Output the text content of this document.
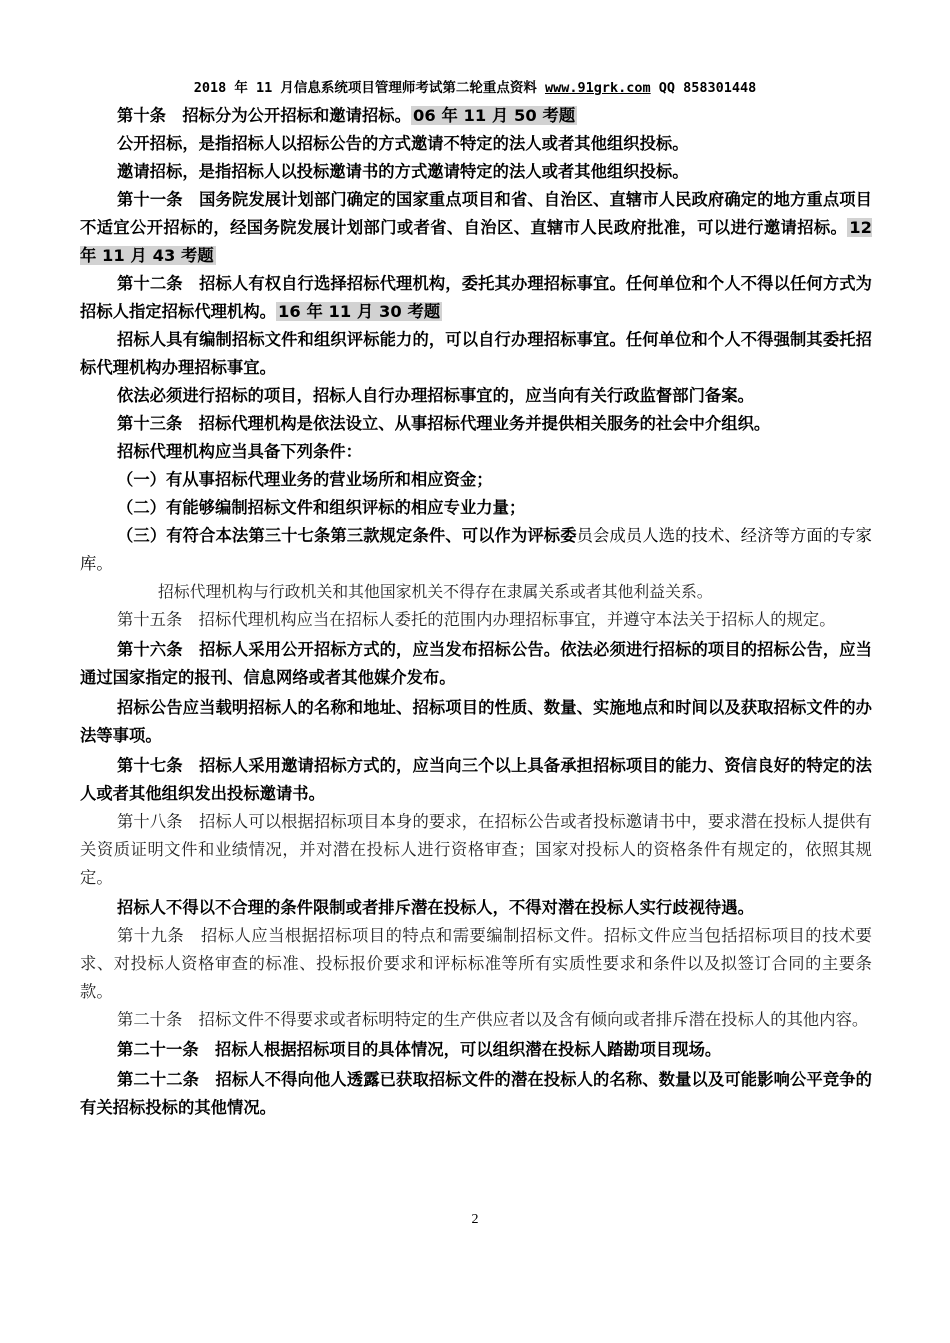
2018 年 11 月信息系统项目管理师考试第二轮重点资料 www.91grk.com QQ 858301448

第十条　招标分为公开招标和邀请招标。 06 年 11 月 50 考题

公开招标，是指招标人以招标公告的方式邀请不特定的法人或者其他组织投标。

邀请招标，是指招标人以投标邀请书的方式邀请特定的法人或者其他组织投标。

第十一条　国务院发展计划部门确定的国家重点项目和省、自治区、直辖市人民政府确定的地方重点项目不适宜公开招标的，经国务院发展计划部门或者省、自治区、直辖市人民政府批准，可以进行邀请招标。 12 年 11 月 43 考题

第十二条　招标人有权自行选择招标代理机构，委托其办理招标事宜。任何单位和个人不得以任何方式为招标人指定招标代理机构。 16 年 11 月 30 考题

招标人具有编制招标文件和组织评标能力的，可以自行办理招标事宜。任何单位和个人不得强制其委托招标代理机构办理招标事宜。

依法必须进行招标的项目，招标人自行办理招标事宜的，应当向有关行政监督部门备案。

第十三条　招标代理机构是依法设立、从事招标代理业务并提供相关服务的社会中介组织。

招标代理机构应当具备下列条件：

（一）有从事招标代理业务的营业场所和相应资金；

（二）有能够编制招标文件和组织评标的相应专业力量；

（三）有符合本法第三十七条第三款规定条件、可以作为评标委员会成员人选的技术、经济等方面的专家库。

招标代理机构与行政机关和其他国家机关不得存在隶属关系或者其他利益关系。

第十五条　招标代理机构应当在招标人委托的范围内办理招标事宜，并遵守本法关于招标人的规定。

第十六条　招标人采用公开招标方式的，应当发布招标公告。依法必须进行招标的项目的招标公告，应当通过国家指定的报刊、信息网络或者其他媒介发布。

招标公告应当载明招标人的名称和地址、招标项目的性质、数量、实施地点和时间以及获取招标文件的办法等事项。

第十七条　招标人采用邀请招标方式的，应当向三个以上具备承担招标项目的能力、资信良好的特定的法人或者其他组织发出投标邀请书。

第十八条　招标人可以根据招标项目本身的要求，在招标公告或者投标邀请书中，要求潜在投标人提供有关资质证明文件和业绩情况，并对潜在投标人进行资格审查；国家对投标人的资格条件有规定的，依照其规定。

招标人不得以不合理的条件限制或者排斥潜在投标人，不得对潜在投标人实行歧视待遇。

第十九条　招标人应当根据招标项目的特点和需要编制招标文件。招标文件应当包括招标项目的技术要求、对投标人资格审查的标准、投标报价要求和评标标准等所有实质性要求和条件以及拟签订合同的主要条款。

第二十条　招标文件不得要求或者标明特定的生产供应者以及含有倾向或者排斥潜在投标人的其他内容。

第二十一条　招标人根据招标项目的具体情况，可以组织潜在投标人踏勘项目现场。

第二十二条　招标人不得向他人透露已获取招标文件的潜在投标人的名称、数量以及可能影响公平竞争的有关招标投标的其他情况。

2
